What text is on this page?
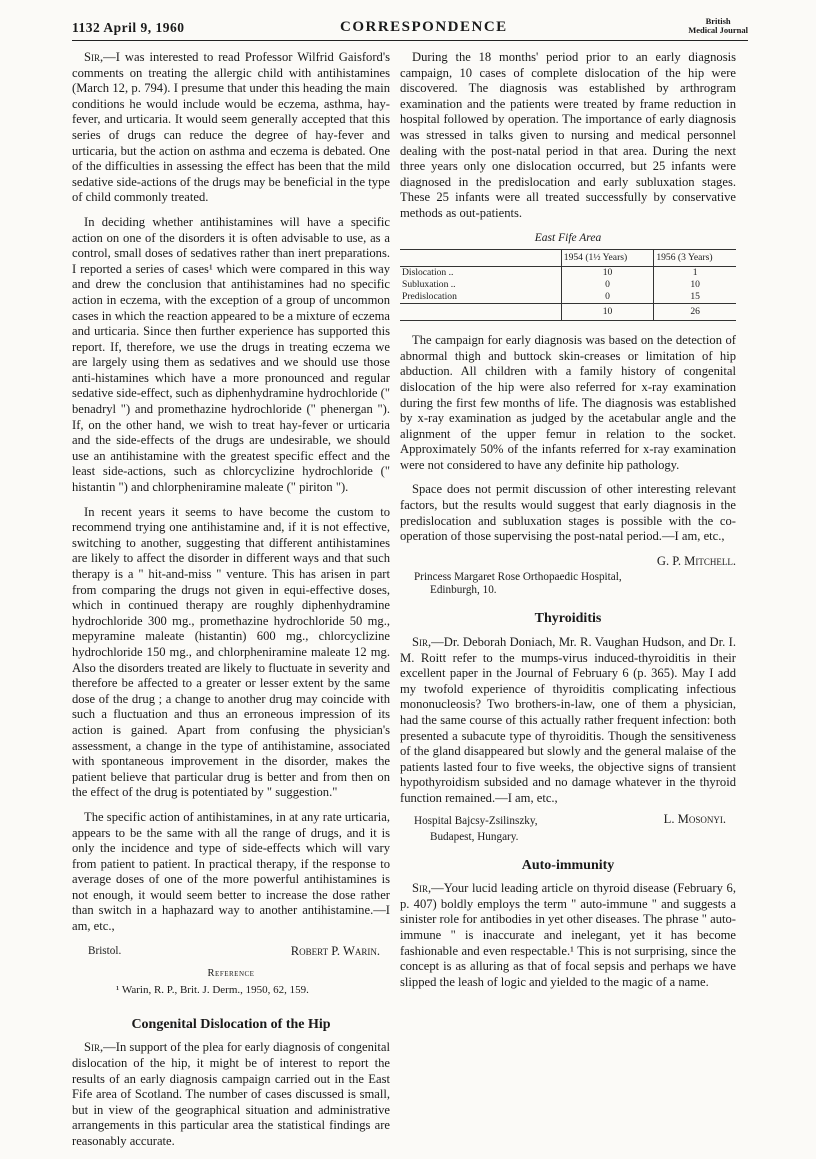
1132 April 9, 1960	CORRESPONDENCE	British
Medical Journal

Sir,—I was interested to read Professor Wilfrid Gaisford's comments on treating the allergic child with antihistamines (March 12, p. 794). I presume that under this heading the main conditions he would include would be eczema, asthma, hay-fever, and urticaria. It would seem generally accepted that this series of drugs can reduce the degree of hay-fever and urticaria, but the action on asthma and eczema is debated. One of the difficulties in assessing the effect has been that the mild sedative side-actions of the drugs may be beneficial in the type of child commonly treated.

In deciding whether antihistamines will have a specific action on one of the disorders it is often advisable to use, as a control, small doses of sedatives rather than inert preparations. I reported a series of cases¹ which were compared in this way and drew the conclusion that antihistamines had no specific action in eczema, with the exception of a group of uncommon cases in which the reaction appeared to be a mixture of eczema and urticaria. Since then further experience has supported this report. If, therefore, we use the drugs in treating eczema we are largely using them as sedatives and we should use those anti-histamines which have a more pronounced and regular sedative side-effect, such as diphenhydramine hydrochloride (" benadryl ") and promethazine hydrochloride (" phenergan "). If, on the other hand, we wish to treat hay-fever or urticaria and the side-effects of the drugs are undesirable, we should use an antihistamine with the greatest specific effect and the least side-actions, such as chlorcyclizine hydrochloride (" histantin ") and chlorpheniramine maleate (" piriton ").

In recent years it seems to have become the custom to recommend trying one antihistamine and, if it is not effective, switching to another, suggesting that different antihistamines are likely to affect the disorder in different ways and that such therapy is a " hit-and-miss " venture. This has arisen in part from comparing the drugs not given in equi-effective doses, which in continued therapy are roughly diphenhydramine hydrochloride 300 mg., promethazine hydrochloride 50 mg., mepyramine maleate (histantin) 600 mg., chlorcyclizine hydrochloride 150 mg., and chlorpheniramine maleate 12 mg. Also the disorders treated are likely to fluctuate in severity and therefore be affected to a greater or lesser extent by the same dose of the drug ; a change to another drug may coincide with such a fluctuation and thus an erroneous impression of its action is gained. Apart from confusing the physician's assessment, a change in the type of antihistamine, associated with spontaneous improvement in the disorder, makes the patient believe that particular drug is better and from then on the effect of the drug is potentiated by " suggestion."

The specific action of antihistamines, in at any rate urticaria, appears to be the same with all the range of drugs, and it is only the incidence and type of side-effects which will vary from patient to patient. In practical therapy, if the response to average doses of one of the more powerful antihistamines is not enough, it would seem better to increase the dose rather than switch in a haphazard way to another antihistamine.—I am, etc.,

Bristol.	Robert P. Warin.
Reference
¹ Warin, R. P., Brit. J. Derm., 1950, 62, 159.
Congenital Dislocation of the Hip

Sir,—In support of the plea for early diagnosis of congenital dislocation of the hip, it might be of interest to report the results of an early diagnosis campaign carried out in the East Fife area of Scotland. The number of cases discussed is small, but in view of the geographical situation and administrative arrangements in this particular area the statistical findings are reasonably accurate.

During the 18 months' period prior to an early diagnosis campaign, 10 cases of complete dislocation of the hip were discovered. The diagnosis was established by arthrogram examination and the patients were treated by frame reduction in hospital followed by operation. The importance of early diagnosis was stressed in talks given to nursing and medical personnel dealing with the post-natal period in that area. During the next three years only one dislocation occurred, but 25 infants were diagnosed in the predislocation and early subluxation stages. These 25 infants were all treated successfully by conservative methods as out-patients.

East Fife Area
	1954 (1½ Years)	1956 (3 Years)
Dislocation ..	10	1
Subluxation ..	0	10
Predislocation	0	15
	10	26

The campaign for early diagnosis was based on the detection of abnormal thigh and buttock skin-creases or limitation of hip abduction. All children with a family history of congenital dislocation of the hip were also referred for x-ray examination during the first few months of life. The diagnosis was established by x-ray examination as judged by the acetabular angle and the alignment of the upper femur in relation to the socket. Approximately 50% of the infants referred for x-ray examination were not considered to have any definite hip pathology.

Space does not permit discussion of other interesting relevant factors, but the results would suggest that early diagnosis in the predislocation and subluxation stages is possible with the co-operation of those supervising the post-natal period.—I am, etc.,

G. P. Mitchell.
Princess Margaret Rose Orthopaedic Hospital,
Edinburgh, 10.
Thyroiditis

Sir,—Dr. Deborah Doniach, Mr. R. Vaughan Hudson, and Dr. I. M. Roitt refer to the mumps-virus induced-thyroiditis in their excellent paper in the Journal of February 6 (p. 365). May I add my twofold experience of thyroiditis complicating infectious mononucleosis? Two brothers-in-law, one of them a physician, had the same course of this actually rather frequent infection: both presented a subacute type of thyroiditis. Though the sensitiveness of the gland disappeared but slowly and the general malaise of the patients lasted four to five weeks, the objective signs of transient hypothyroidism subsided and no damage whatever in the thyroid function remained.—I am, etc.,

Hospital Bajcsy-Zsilinszky,
Budapest, Hungary.
L. Mosonyi.
Auto-immunity

Sir,—Your lucid leading article on thyroid disease (February 6, p. 407) boldly employs the term " auto-immune " and suggests a sinister role for antibodies in yet other diseases. The phrase " auto-immune " is inaccurate and inelegant, yet it has become fashionable and even respectable.¹ This is not surprising, since the concept is as alluring as that of focal sepsis and perhaps we have slipped the leash of logic and yielded to the magic of a name.
